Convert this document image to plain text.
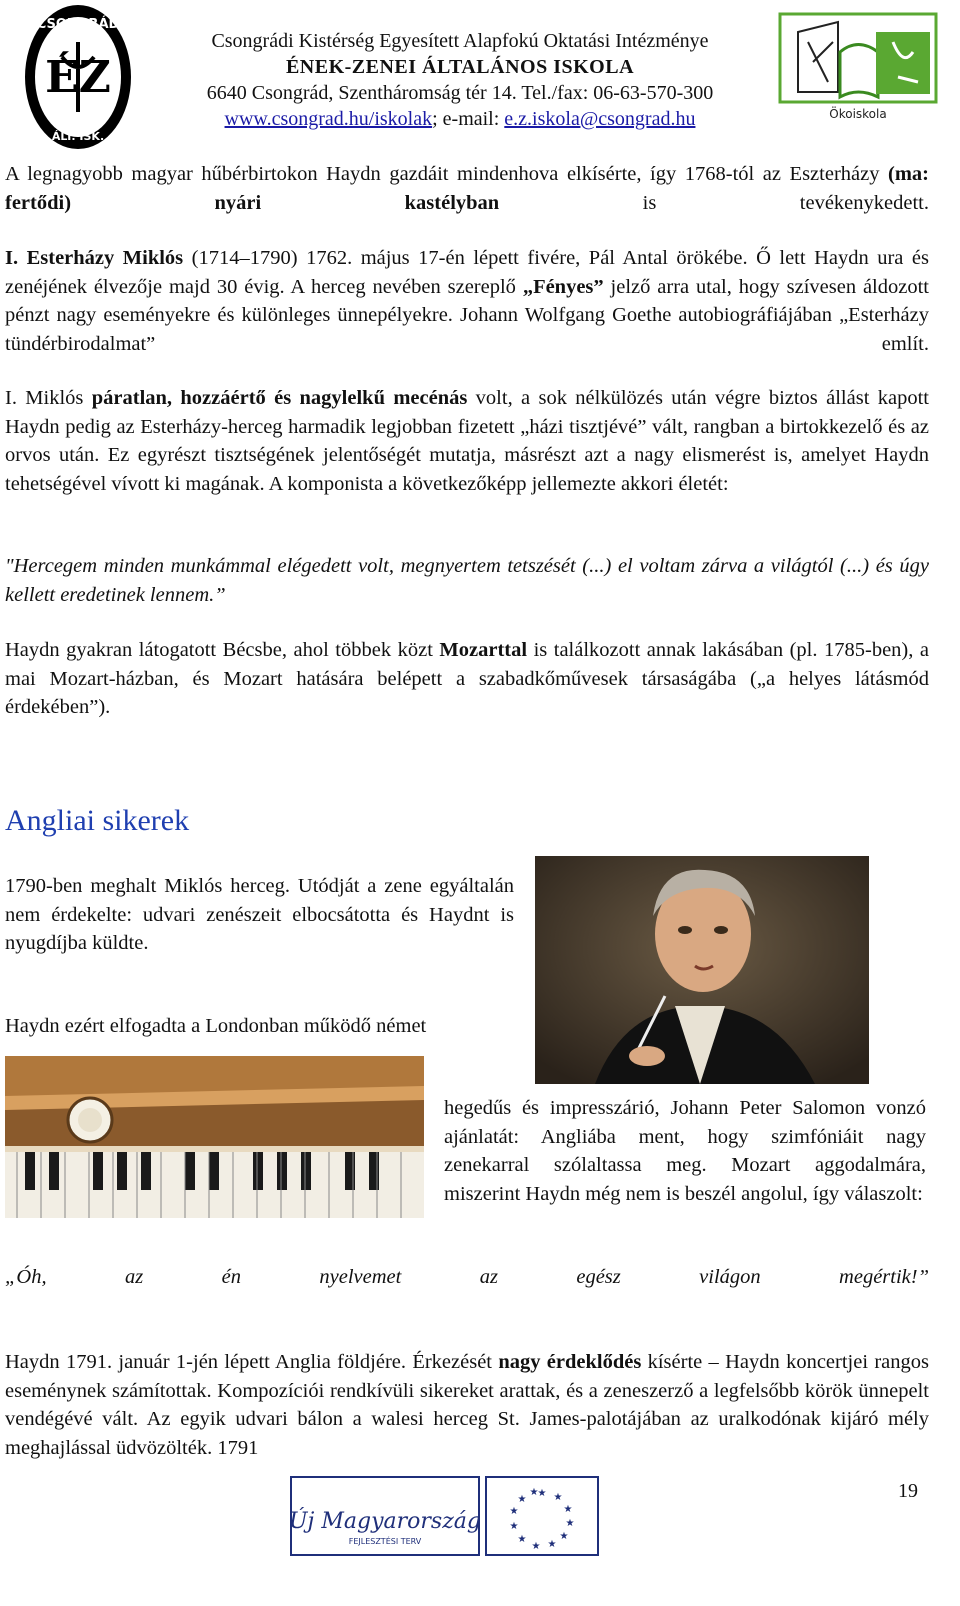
CSONGRÁD
ÉZ
ÁLT. ISK.
Csongrádi Kistérség Egyesített Alapfokú Oktatási Intézménye
ÉNEK-ZENEI ÁLTALÁNOS ISKOLA
6640 Csongrád, Szentháromság tér 14. Tel./fax: 06-63-570-300
www.csongrad.hu/iskolak; e-mail: e.z.iskola@csongrad.hu	Ökoiskola

A legnagyobb magyar hűbérbirtokon Haydn gazdáit mindenhova elkísérte, így 1768-tól az Eszterházy (ma: fertődi) nyári kastélyban is tevékenykedett.

I. Esterházy Miklós (1714–1790) 1762. május 17-én lépett fivére, Pál Antal örökébe. Ő lett Haydn ura és zenéjének élvezője majd 30 évig. A herceg nevében szereplő „Fényes” jelző arra utal, hogy szívesen áldozott pénzt nagy eseményekre és különleges ünnepélyekre. Johann Wolfgang Goethe autobiográfiájában „Esterházy tündérbirodalmat” említ.

I. Miklós páratlan, hozzáértő és nagylelkű mecénás volt, a sok nélkülözés után végre biztos állást kapott Haydn pedig az Esterházy-herceg harmadik legjobban fizetett „házi tisztjévé” vált, rangban a birtokkezelő és az orvos után. Ez egyrészt tisztségének jelentőségét mutatja, másrészt azt a nagy elismerést is, amelyet Haydn tehetségével vívott ki magának. A komponista a következőképp jellemezte akkori életét:

"Hercegem minden munkámmal elégedett volt, megnyertem tetszését (...) el voltam zárva a világtól (...) és úgy kellett eredetinek lennem.”

Haydn gyakran látogatott Bécsbe, ahol többek közt Mozarttal is találkozott annak lakásában (pl. 1785-ben), a mai Mozart-házban, és Mozart hatására belépett a szabadkőművesek társaságába („a helyes látásmód érdekében”).

Angliai sikerek

1790-ben meghalt Miklós herceg. Utódját a zene egyáltalán nem érdekelte: udvari zenészeit elbocsátotta és Haydnt is nyugdíjba küldte.

Haydn ezért elfogadta a Londonban működő német

hegedűs és impresszárió, Johann Peter Salomon vonzó ajánlatát: Angliába ment, hogy szimfóniáit nagy zenekarral szólaltassa meg. Mozart aggodalmára, miszerint Haydn még nem is beszél angolul, így válaszolt:

„Óh, az én nyelvemet az egész világon megértik!”

Haydn 1791. január 1-jén lépett Anglia földjére. Érkezését nagy érdeklődés kísérte – Haydn koncertjei rangos eseménynek számítottak. Kompozíciói rendkívüli sikereket arattak, és a zeneszerző a legfelsőbb körök ünnepelt vendégévé vált. Az egyik udvari bálon a walesi herceg St. James-palotájában az uralkodónak kijáró mély meghajlással üdvözölték. 1791

19
Új Magyarország
FEJLESZTÉSI TERV
★ ★
★
★
★
★
★
★
★
★
★
★
